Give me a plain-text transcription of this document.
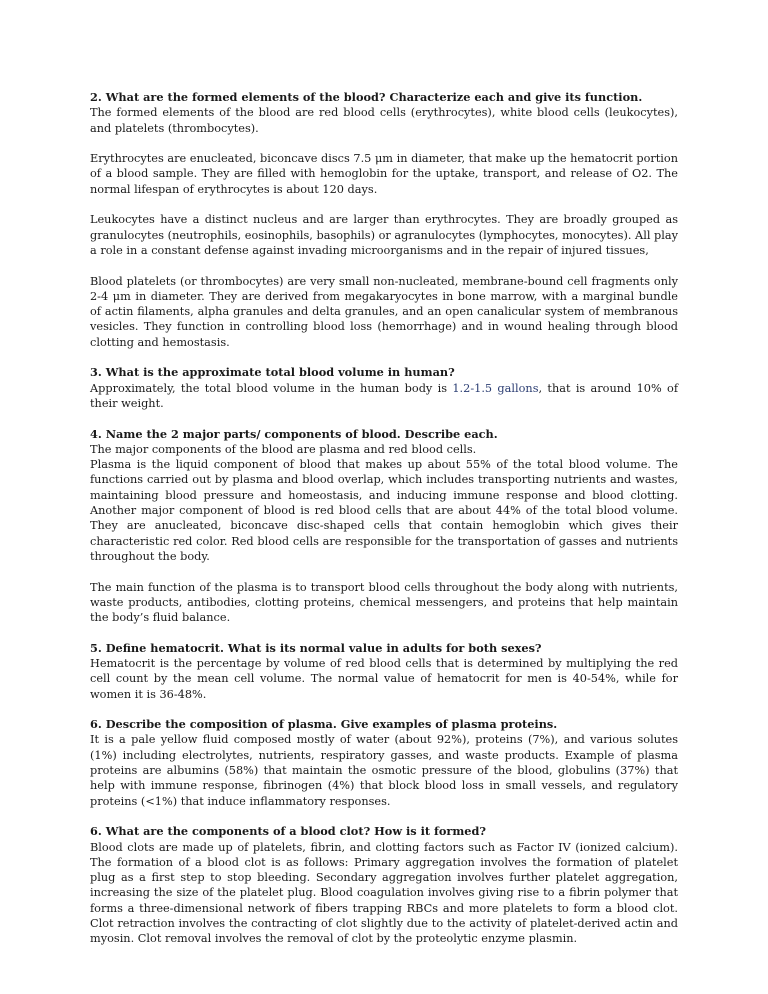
2. What are the formed elements of the blood? Characterize each and give its function.

The formed elements of the blood are red blood cells (erythrocytes), white blood cells (leukocytes), and platelets (thrombocytes).

Erythrocytes are enucleated, biconcave discs 7.5 μm in diameter, that make up the hematocrit portion of a blood sample. They are filled with hemoglobin for the uptake, transport, and release of O2. The normal lifespan of erythrocytes is about 120 days.

Leukocytes have a distinct nucleus and are larger than erythrocytes. They are broadly grouped as granulocytes (neutrophils, eosinophils, basophils) or agranulocytes (lymphocytes, monocytes). All play a role in a constant defense against invading microorganisms and in the repair of injured tissues,

Blood platelets (or thrombocytes) are very small non-nucleated, membrane-bound cell fragments only 2-4 μm in diameter. They are derived from megakaryocytes in bone marrow, with a marginal bundle of actin filaments, alpha granules and delta granules, and an open canalicular system of membranous vesicles. They function in controlling blood loss (hemorrhage) and in wound healing through blood clotting and hemostasis.

3. What is the approximate total blood volume in human?

Approximately, the total blood volume in the human body is 1.2-1.5 gallons, that is around 10% of their weight.

4. Name the 2 major parts/ components of blood. Describe each.

The major components of the blood are plasma and red blood cells.

Plasma is the liquid component of blood that makes up about 55% of the total blood volume. The functions carried out by plasma and blood overlap, which includes transporting nutrients and wastes, maintaining blood pressure and homeostasis, and inducing immune response and blood clotting. Another major component of blood is red blood cells that are about 44% of the total blood volume. They are anucleated, biconcave disc-shaped cells that contain hemoglobin which gives their characteristic red color. Red blood cells are responsible for the transportation of gasses and nutrients throughout the body.

The main function of the plasma is to transport blood cells throughout the body along with nutrients, waste products, antibodies, clotting proteins, chemical messengers, and proteins that help maintain the body’s fluid balance.

5. Define hematocrit. What is its normal value in adults for both sexes?

Hematocrit is the percentage by volume of red blood cells that is determined by multiplying the red cell count by the mean cell volume. The normal value of hematocrit for men is 40-54%, while for women it is 36-48%.

6. Describe the composition of plasma. Give examples of plasma proteins.

It is a pale yellow fluid composed mostly of water (about 92%), proteins (7%), and various solutes (1%) including electrolytes, nutrients, respiratory gasses, and waste products. Example of plasma proteins are albumins (58%) that maintain the osmotic pressure of the blood, globulins (37%) that help with immune response, fibrinogen (4%) that block blood loss in small vessels, and regulatory proteins (<1%) that induce inflammatory responses.

6. What are the components of a blood clot? How is it formed?

Blood clots are made up of platelets, fibrin, and clotting factors such as Factor IV (ionized calcium). The formation of a blood clot is as follows: Primary aggregation involves the formation of platelet plug as a first step to stop bleeding. Secondary aggregation involves further platelet aggregation, increasing the size of the platelet plug. Blood coagulation involves giving rise to a fibrin polymer that forms a three-dimensional network of fibers trapping RBCs and more platelets to form a blood clot. Clot retraction involves the contracting of clot slightly due to the activity of platelet-derived actin and myosin. Clot removal involves the removal of clot by the proteolytic enzyme plasmin.
